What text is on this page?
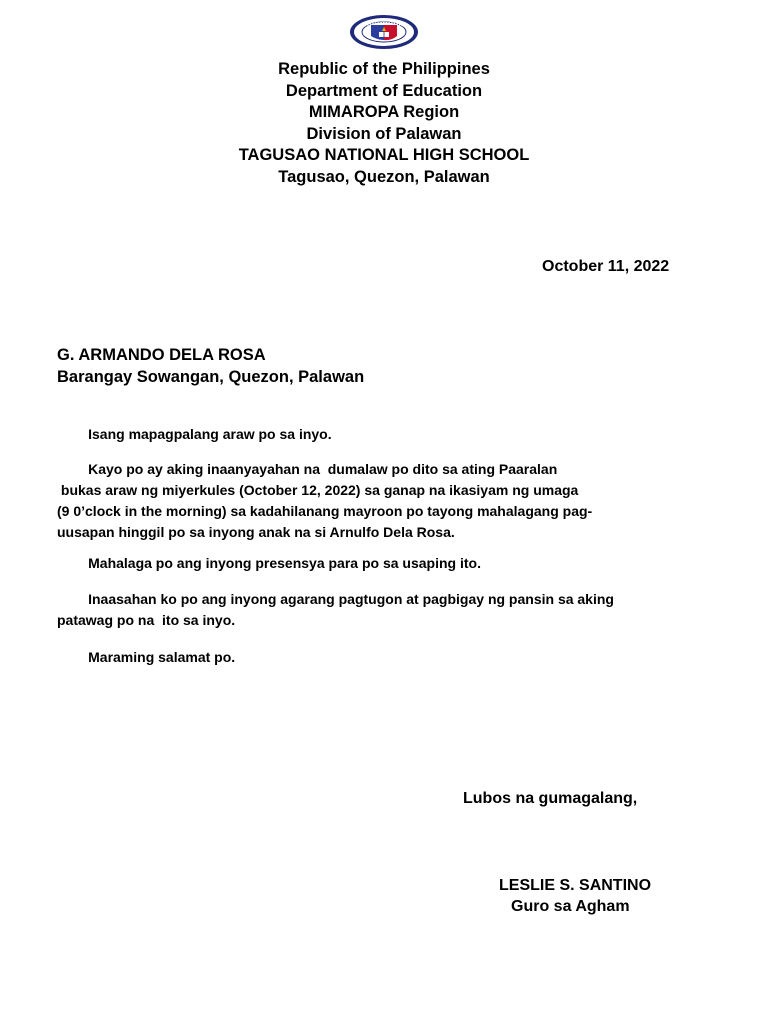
Republic of the Philippines
Department of Education
MIMAROPA Region
Division of Palawan
TAGUSAO NATIONAL HIGH SCHOOL
Tagusao, Quezon, Palawan
October 11, 2022
G. ARMANDO DELA ROSA
Barangay Sowangan, Quezon, Palawan
Isang mapagpalang araw po sa inyo.
Kayo po ay aking inaanyayahan na  dumalaw po dito sa ating Paaralan
bukas araw ng miyerkules (October 12, 2022) sa ganap na ikasiyam ng umaga
(9 0’clock in the morning) sa kadahilanang mayroon po tayong mahalagang pag-
uusapan hinggil po sa inyong anak na si Arnulfo Dela Rosa.
Mahalaga po ang inyong presensya para po sa usaping ito.
Inaasahan ko po ang inyong agarang pagtugon at pagbigay ng pansin sa aking
patawag po na  ito sa inyo.
Maraming salamat po.
Lubos na gumagalang,
LESLIE S. SANTINO
Guro sa Agham
